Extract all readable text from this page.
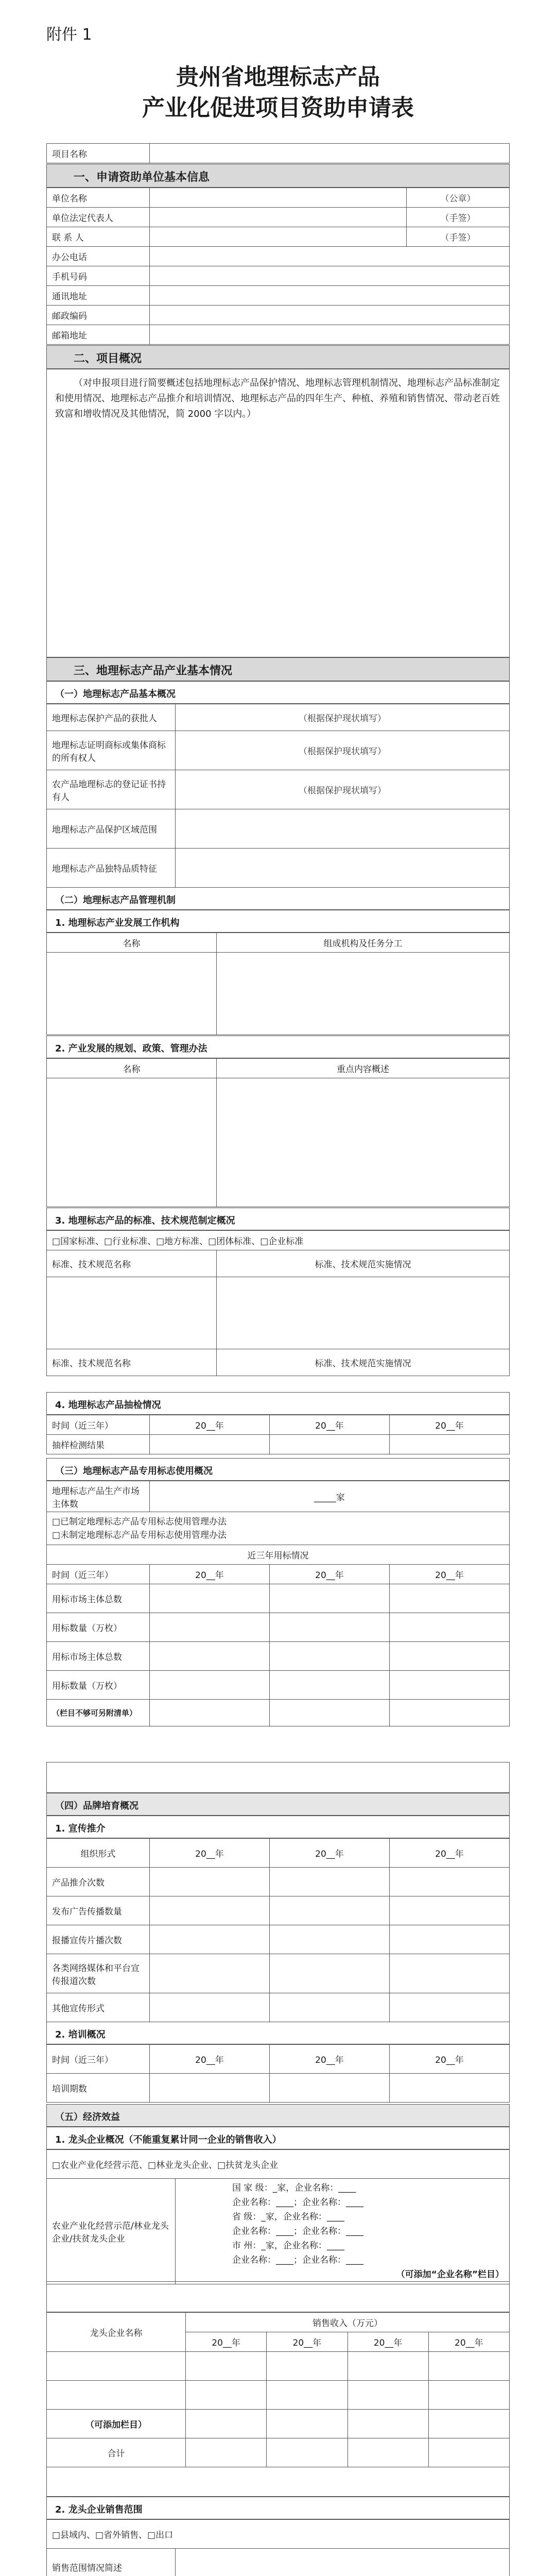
附件 1
贵州省地理标志产品
产业化促进项目资助申请表
项目名称	
一、申请资助单位基本信息
单位名称		（公章）
单位法定代表人		（手签）
联 系 人		（手签）
办公电话		
手机号码		
通讯地址		
邮政编码		
邮箱地址		
二、项目概况
（对申报项目进行简要概述包括地理标志产品保护情况、地理标志管理机制情况、地理标志产品标准制定和使用情况、地理标志产品推介和培训情况、地理标志产品的四年生产、种植、养殖和销售情况、带动老百姓致富和增收情况及其他情况，简 2000 字以内。）
三、地理标志产品产业基本情况
（一）地理标志产品基本概况
地理标志保护产品的获批人	（根据保护现状填写）
地理标志证明商标或集体商标的所有权人	（根据保护现状填写）
农产品地理标志的登记证书持有人	（根据保护现状填写）
地理标志产品保护区域范围	
地理标志产品独特品质特征	
（二）地理标志产品管理机制
1. 地理标志产业发展工作机构
名称	组成机构及任务分工

2. 产业发展的规划、政策、管理办法
名称	重点内容概述

3. 地理标志产品的标准、技术规范制定概况
□国家标准、□行业标准、□地方标准、□团体标准、□企业标准	
标准、技术规范名称	标准、技术规范实施情况

标准、技术规范名称	标准、技术规范实施情况
4. 地理标志产品抽检情况
时间（近三年）	20__年	20__年	20__年
抽样检测结果			
（三）地理标志产品专用标志使用概况
地理标志产品生产市场主体数	_____家		

□已制定地理标志产品专用标志使用管理办法
□未制定地理标志产品专用标志使用管理办法			

近三年用标情况			
时间（近三年）	20__年	20__年	20__年
用标市场主体总数			
用标数量（万枚）			
用标市场主体总数			
用标数量（万枚）			
（栏目不够可另附清单）			
（四）品牌培育概况
1. 宣传推介
组织形式	20__年	20__年	20__年
产品推介次数			
发布广告传播数量			
报播宣传片播次数			
各类网络媒体和平台宣传报道次数			
其他宣传形式			
2. 培训概况
时间（近三年）	20__年	20__年	20__年
培训期数			
（五）经济效益
1. 龙头企业概况（不能重复累计同一企业的销售收入）
□农业产业化经营示范、□林业龙头企业、□扶贫龙头企业
农业产业化经营示范/林业龙头企业/扶贫龙头企业	
国 家 级：_家，企业名称：____
企业名称：____；企业名称：____
省 级：_家，企业名称：____
企业名称：____；企业名称：____
市 州：_家，企业名称：____
企业名称：____；企业名称：____
（可添加“企业名称”栏目）
龙头企业名称	销售收入（万元）			
	20__年	20__年	20__年	20__年

（可添加栏目）				
合计				
2. 龙头企业销售范围
□县域内、□省外销售、□出口
销售范围情况简述	
